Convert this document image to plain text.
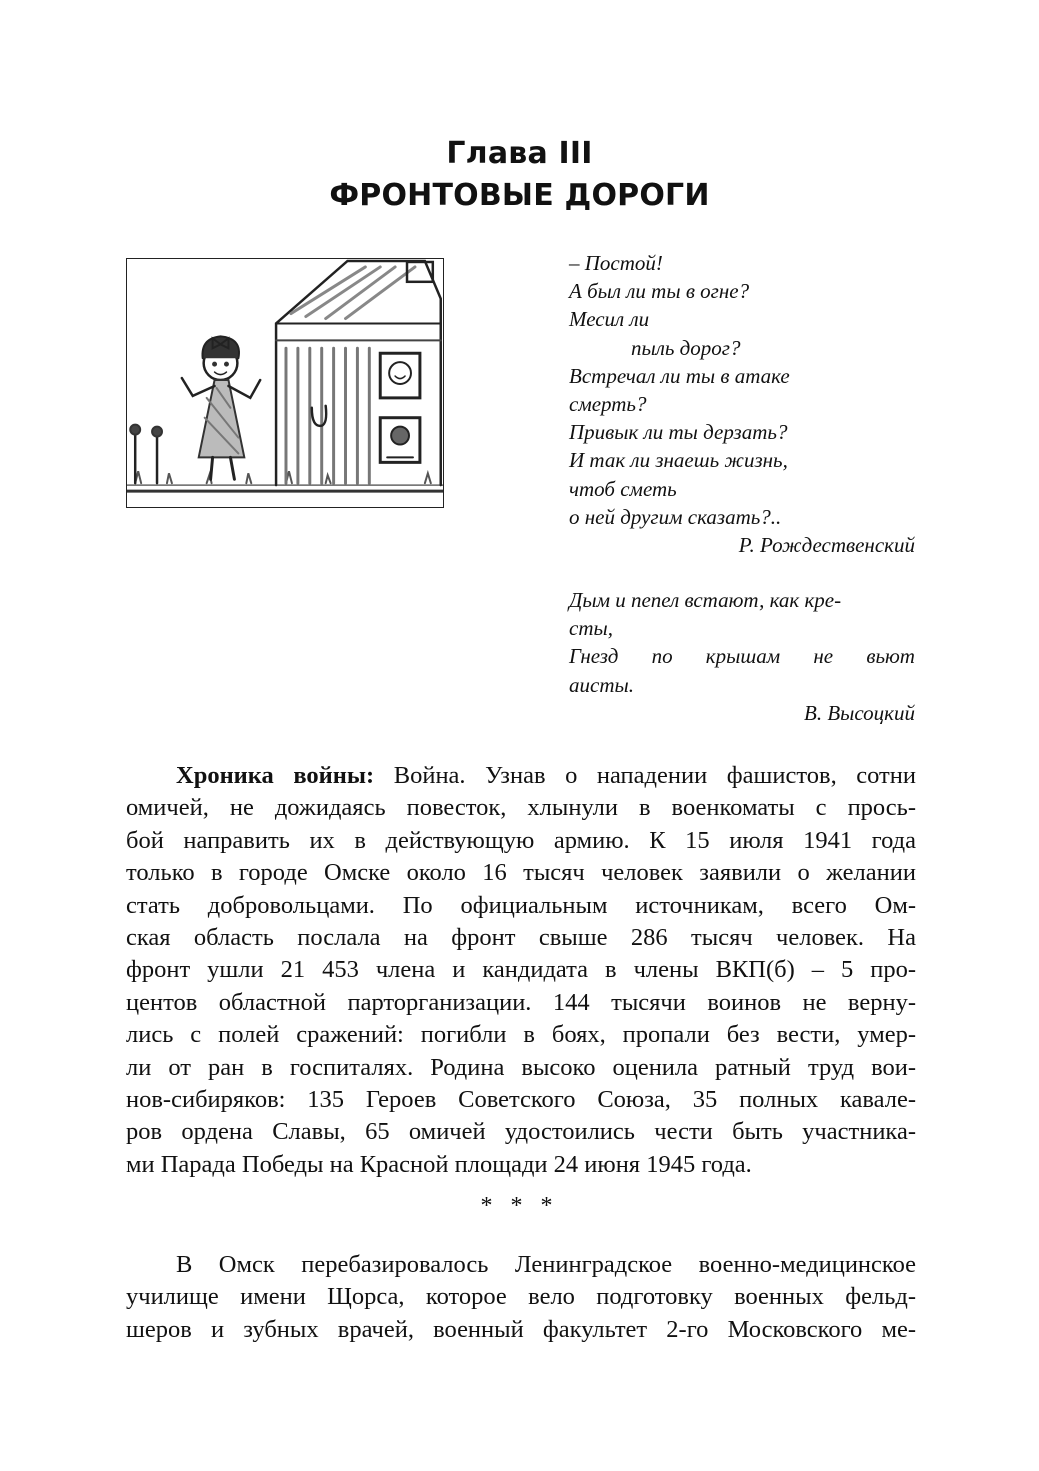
Глава III
ФРОНТОВЫЕ ДОРОГИ
– Постой!
А был ли ты в огне?
Месил ли
пыль дорог?
Встречал ли ты в атаке
смерть?
Привык ли ты дерзать?
И так ли знаешь жизнь,
чтоб сметь
о ней другим сказать?..
Р. Рождественский
Дым и пепел встают, как кре-
сты,
Гнезд по крышам не вьют
аисты.
В. Высоцкий
Хроника войны: Война. Узнав о нападении фашистов, сотни
омичей, не дожидаясь повесток, хлынули в военкоматы с прось-
бой направить их в действующую армию. К 15 июля 1941 года
только в городе Омске около 16 тысяч человек заявили о желании
стать добровольцами. По официальным источникам, всего Ом-
ская область послала на фронт свыше 286 тысяч человек. На
фронт ушли 21 453 члена и кандидата в члены ВКП(б) – 5 про-
центов областной парторганизации. 144 тысячи воинов не верну-
лись с полей сражений: погибли в боях, пропали без вести, умер-
ли от ран в госпиталях. Родина высоко оценила ратный труд вои-
нов-сибиряков: 135 Героев Советского Союза, 35 полных кавале-
ров ордена Славы, 65 омичей удостоились чести быть участника-
ми Парада Победы на Красной площади 24 июня 1945 года.
* * *
В Омск перебазировалось Ленинградское военно-медицинское
училище имени Щорса, которое вело подготовку военных фельд-
шеров и зубных врачей, военный факультет 2-го Московского ме-
